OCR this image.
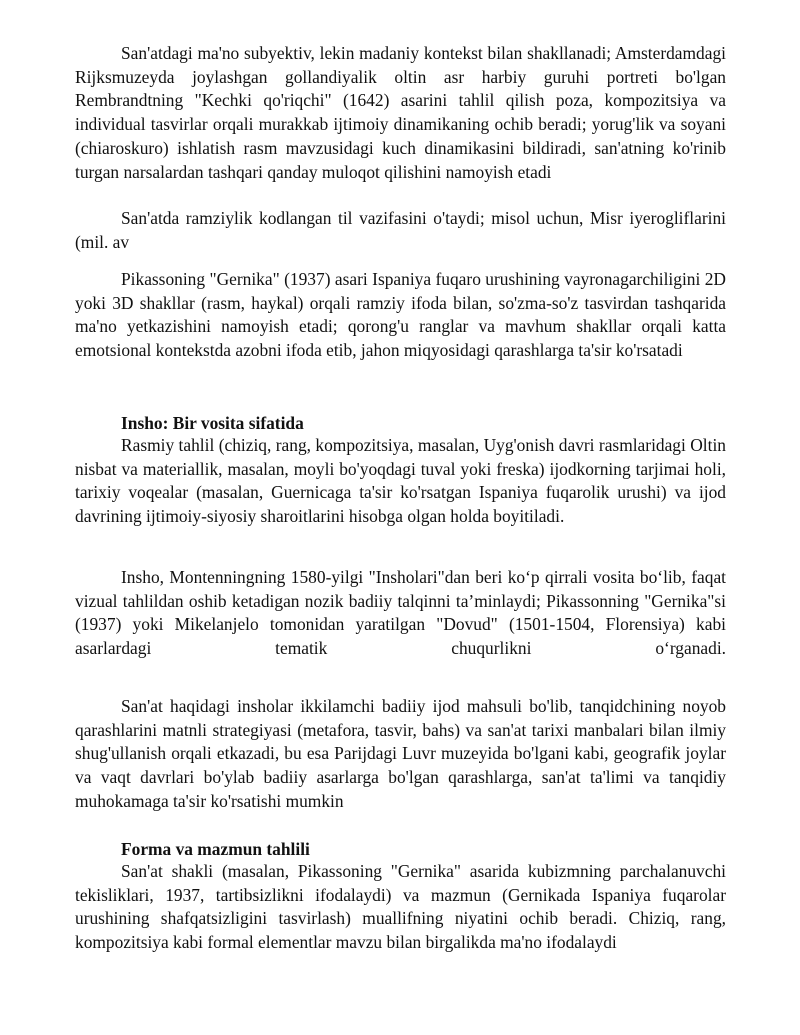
San'atdagi ma'no subyektiv, lekin madaniy kontekst bilan shakllanadi; Amsterdamdagi Rijksmuzeyda joylashgan gollandiyalik oltin asr harbiy guruhi portreti bo'lgan Rembrandtning "Kechki qo'riqchi" (1642) asarini tahlil qilish poza, kompozitsiya va individual tasvirlar orqali murakkab ijtimoiy dinamikaning ochib beradi; yorug'lik va soyani (chiaroskuro) ishlatish rasm mavzusidagi kuch dinamikasini bildiradi, san'atning ko'rinib turgan narsalardan tashqari qanday muloqot qilishini namoyish etadi

San'atda ramziylik kodlangan til vazifasini o'taydi; misol uchun, Misr iyerogliflarini (mil. av

Pikassoning "Gernika" (1937) asari Ispaniya fuqaro urushining vayronagarchiligini 2D yoki 3D shakllar (rasm, haykal) orqali ramziy ifoda bilan, so'zma-so'z tasvirdan tashqarida ma'no yetkazishini namoyish etadi; qorong'u ranglar va mavhum shakllar orqali katta emotsional kontekstda azobni ifoda etib, jahon miqyosidagi qarashlarga ta'sir ko'rsatadi

Insho: Bir vosita sifatida

Rasmiy tahlil (chiziq, rang, kompozitsiya, masalan, Uyg'onish davri rasmlaridagi Oltin nisbat va materiallik, masalan, moyli bo'yoqdagi tuval yoki freska) ijodkorning tarjimai holi, tarixiy voqealar (masalan, Guernicaga ta'sir ko'rsatgan Ispaniya fuqarolik urushi) va ijod davrining ijtimoiy-siyosiy sharoitlarini hisobga olgan holda boyitiladi.

Insho, Montenningning 1580-yilgi "Insholari"dan beri ko‘p qirrali vosita bo‘lib, faqat vizual tahlildan oshib ketadigan nozik badiiy talqinni ta’minlaydi; Pikassonning "Gernika"si (1937) yoki Mikelanjelo tomonidan yaratilgan "Dovud" (1501-1504, Florensiya) kabi asarlardagi tematik chuqurlikni o‘rganadi.

San'at haqidagi insholar ikkilamchi badiiy ijod mahsuli bo'lib, tanqidchining noyob qarashlarini matnli strategiyasi (metafora, tasvir, bahs) va san'at tarixi manbalari bilan ilmiy shug'ullanish orqali etkazadi, bu esa Parijdagi Luvr muzeyida bo'lgani kabi, geografik joylar va vaqt davrlari bo'ylab badiiy asarlarga bo'lgan qarashlarga, san'at ta'limi va tanqidiy muhokamaga ta'sir ko'rsatishi mumkin

Forma va mazmun tahlili

San'at shakli (masalan, Pikassoning "Gernika" asarida kubizmning parchalanuvchi tekisliklari, 1937, tartibsizlikni ifodalaydi) va mazmun (Gernikada Ispaniya fuqarolar urushining shafqatsizligini tasvirlash) muallifning niyatini ochib beradi. Chiziq, rang, kompozitsiya kabi formal elementlar mavzu bilan birgalikda ma'no ifodalaydi
